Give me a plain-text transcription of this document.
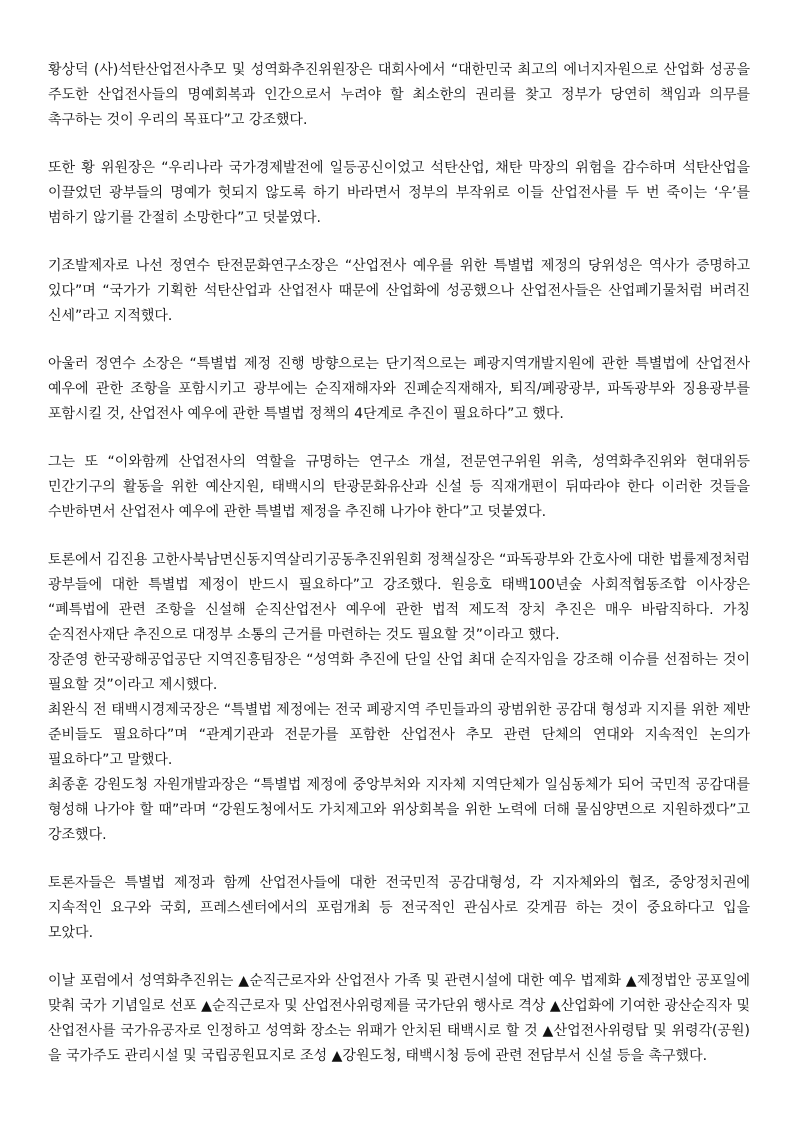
황상덕 (사)석탄산업전사추모 및 성역화추진위원장은 대회사에서 “대한민국 최고의 에너지자원으로 산업화 성공을 주도한 산업전사들의 명예회복과 인간으로서 누려야 할 최소한의 권리를 찾고 정부가 당연히 책임과 의무를 촉구하는 것이 우리의 목표다”고 강조했다.

또한 황 위원장은 “우리나라 국가경제발전에 일등공신이었고 석탄산업, 채탄 막장의 위험을 감수하며 석탄산업을 이끌었던 광부들의 명예가 헛되지 않도록 하기 바라면서 정부의 부작위로 이들 산업전사를 두 번 죽이는 ‘우’를 범하기 않기를 간절히 소망한다”고 덧붙였다.

기조발제자로 나선 정연수 탄전문화연구소장은 “산업전사 예우를 위한 특별법 제정의 당위성은 역사가 증명하고 있다”며 “국가가 기획한 석탄산업과 산업전사 때문에 산업화에 성공했으나 산업전사들은 산업폐기물처럼 버려진 신세”라고 지적했다.

아울러 정연수 소장은 “특별법 제정 진행 방향으로는 단기적으로는 폐광지역개발지원에 관한 특별법에 산업전사 예우에 관한 조항을 포함시키고 광부에는 순직재해자와 진폐순직재해자, 퇴직/폐광광부, 파독광부와 징용광부를 포함시킬 것, 산업전사 예우에 관한 특별법 정책의 4단계로 추진이 필요하다”고 했다.

그는 또 “이와함께 산업전사의 역할을 규명하는 연구소 개설, 전문연구위원 위촉, 성역화추진위와 현대위등 민간기구의 활동을 위한 예산지원, 태백시의 탄광문화유산과 신설 등 직재개편이 뒤따라야 한다 이러한 것들을 수반하면서 산업전사 예우에 관한 특별법 제정을 추진해 나가야 한다”고 덧붙였다.

토론에서 김진용 고한사북남면신동지역살리기공동추진위원회 정책실장은 “파독광부와 간호사에 대한 법률제정처럼 광부들에 대한 특별법 제정이 반드시 필요하다”고 강조했다. 원응호 태백100년숲 사회적협동조합 이사장은 “폐특법에 관련 조항을 신설해 순직산업전사 예우에 관한 법적 제도적 장치 추진은 매우 바람직하다. 가칭 순직전사재단 추진으로 대정부 소통의 근거를 마련하는 것도 필요할 것”이라고 했다.

장준영 한국광해공업공단 지역진흥팀장은 “성역화 추진에 단일 산업 최대 순직자임을 강조해 이슈를 선점하는 것이 필요할 것”이라고 제시했다.

최완식 전 태백시경제국장은 “특별법 제정에는 전국 폐광지역 주민들과의 광범위한 공감대 형성과 지지를 위한 제반 준비들도 필요하다”며 “관계기관과 전문가를 포함한 산업전사 추모 관련 단체의 연대와 지속적인 논의가 필요하다”고 말했다.

최종훈 강원도청 자원개발과장은 “특별법 제정에 중앙부처와 지자체 지역단체가 일심동체가 되어 국민적 공감대를 형성해 나가야 할 때”라며 “강원도청에서도 가치제고와 위상회복을 위한 노력에 더해 물심양면으로 지원하겠다”고 강조했다.

토론자들은 특별법 제정과 함께 산업전사들에 대한 전국민적 공감대형성, 각 지자체와의 협조, 중앙정치권에 지속적인 요구와 국회, 프레스센터에서의 포럼개최 등 전국적인 관심사로 갖게끔 하는 것이 중요하다고 입을 모았다.

이날 포럼에서 성역화추진위는 ▲순직근로자와 산업전사 가족 및 관련시설에 대한 예우 법제화 ▲제정법안 공포일에 맞춰 국가 기념일로 선포 ▲순직근로자 및 산업전사위령제를 국가단위 행사로 격상 ▲산업화에 기여한 광산순직자 및 산업전사를 국가유공자로 인정하고 성역화 장소는 위패가 안치된 태백시로 할 것 ▲산업전사위령탑 및 위령각(공원)을 국가주도 관리시설 및 국립공원묘지로 조성 ▲강원도청, 태백시청 등에 관련 전담부서 신설 등을 촉구했다.
